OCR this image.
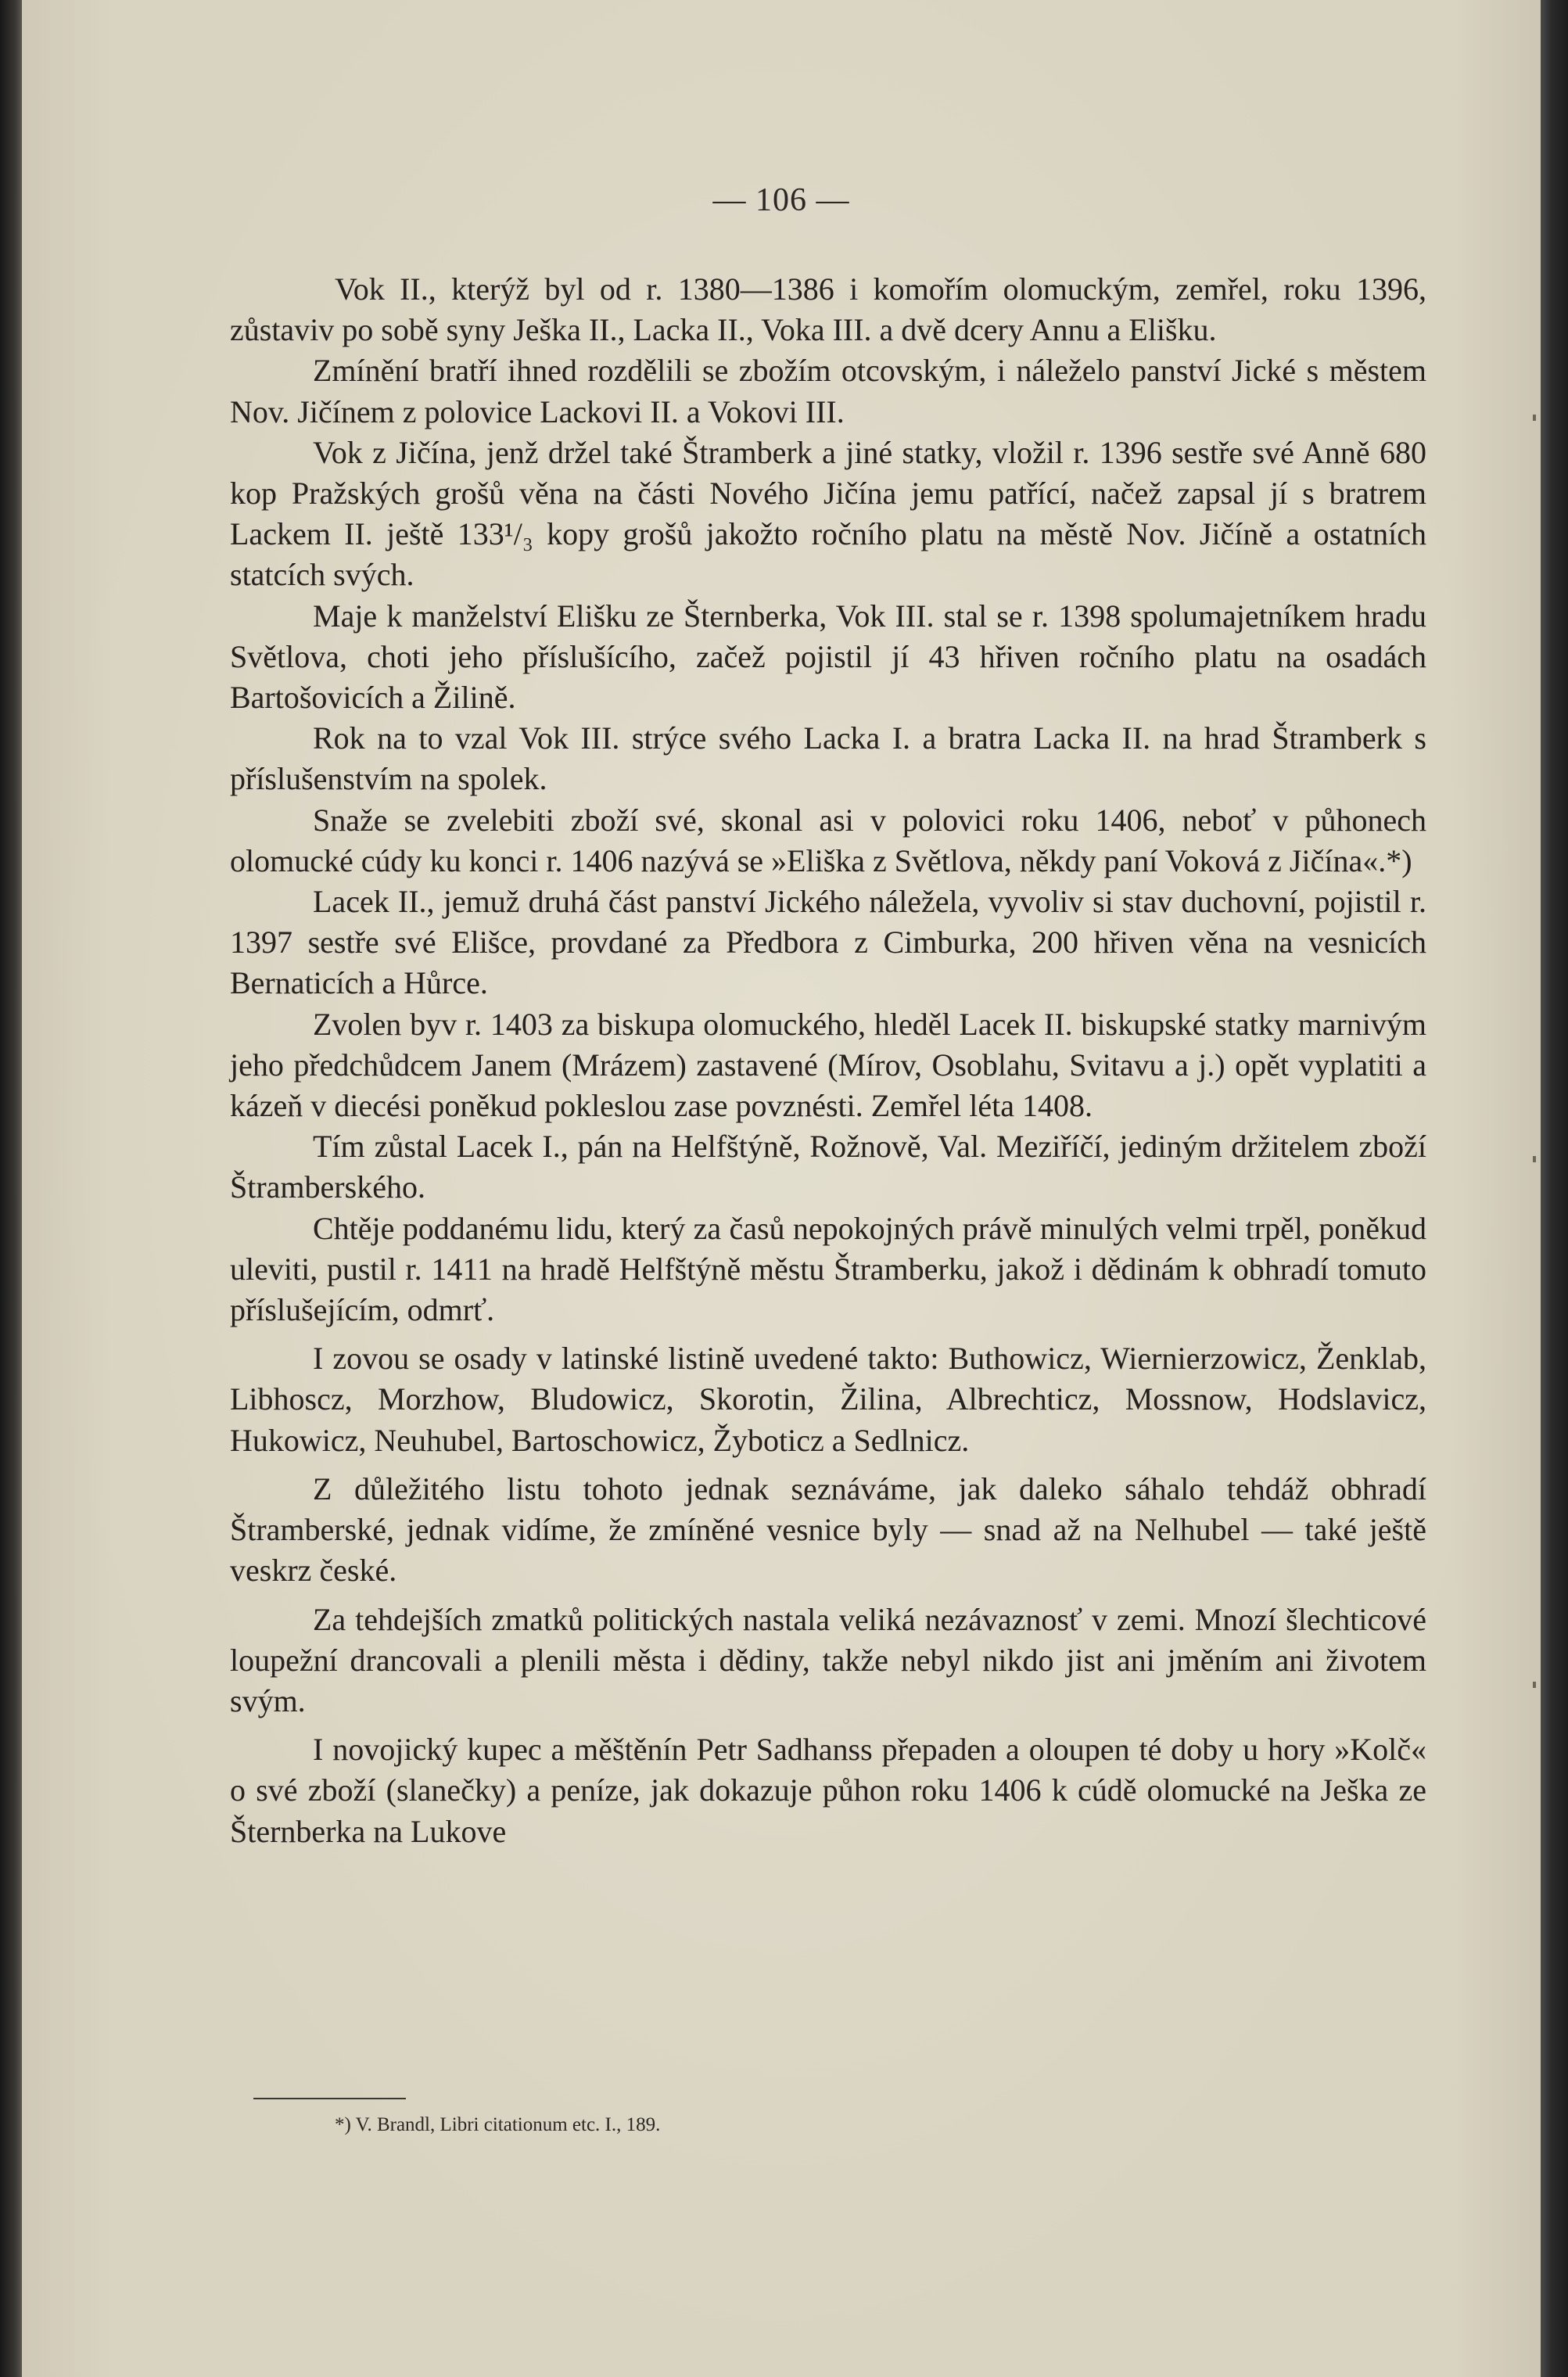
— 106 —

Vok II., kterýž byl od r. 1380—1386 i komořím olomuckým, zemřel, roku 1396, zůstaviv po sobě syny Ješka II., Lacka II., Voka III. a dvě dcery Annu a Elišku.

Zmínění bratří ihned rozdělili se zbožím otcovským, i náleželo panství Jické s městem Nov. Jičínem z polovice Lackovi II. a Vokovi III.

Vok z Jičína, jenž držel také Štramberk a jiné statky, vložil r. 1396 sestře své Anně 680 kop Pražských grošů věna na části Nového Jičína jemu patřící, načež zapsal jí s bratrem Lackem II. ještě 133¹/₃ kopy grošů jakožto ročního platu na městě Nov. Jičíně a ostatních statcích svých.

Maje k manželství Elišku ze Šternberka, Vok III. stal se r. 1398 spolumajetníkem hradu Světlova, choti jeho příslušícího, začež pojistil jí 43 hřiven ročního platu na osadách Bartošovicích a Žilině.

Rok na to vzal Vok III. strýce svého Lacka I. a bratra Lacka II. na hrad Štramberk s příslušenstvím na spolek.

Snaže se zvelebiti zboží své, skonal asi v polovici roku 1406, neboť v půhonech olomucké cúdy ku konci r. 1406 nazývá se »Eliška z Světlova, někdy paní Voková z Jičína«.*)

Lacek II., jemuž druhá část panství Jického náležela, vyvoliv si stav duchovní, pojistil r. 1397 sestře své Elišce, provdané za Předbora z Cimburka, 200 hřiven věna na vesnicích Bernaticích a Hůrce.

Zvolen byv r. 1403 za biskupa olomuckého, hleděl Lacek II. biskupské statky marnivým jeho předchůdcem Janem (Mrázem) zastavené (Mírov, Osoblahu, Svitavu a j.) opět vyplatiti a kázeň v diecési poněkud pokleslou zase povznésti. Zemřel léta 1408.

Tím zůstal Lacek I., pán na Helfštýně, Rožnově, Val. Meziříčí, jediným držitelem zboží Štramberského.

Chtěje poddanému lidu, který za časů nepokojných právě minulých velmi trpěl, poněkud uleviti, pustil r. 1411 na hradě Helfštýně městu Štramberku, jakož i dědinám k obhradí tomuto příslušejícím, odmrť.

I zovou se osady v latinské listině uvedené takto: Buthowicz, Wiernierzowicz, Ženklab, Libhoscz, Morzhow, Bludowicz, Skorotin, Žilina, Albrechticz, Mossnow, Hodslavicz, Hukowicz, Neuhubel, Bartoschowicz, Žyboticz a Sedlnicz.

Z důležitého listu tohoto jednak seznáváme, jak daleko sáhalo tehdáž obhradí Štramberské, jednak vidíme, že zmíněné vesnice byly — snad až na Nelhubel — také ještě veskrz české.

Za tehdejších zmatků politických nastala veliká nezávaznosť v zemi. Mnozí šlechticové loupežní drancovali a plenili města i dědiny, takže nebyl nikdo jist ani jměním ani životem svým.

I novojický kupec a měštěnín Petr Sadhanss přepaden a oloupen té doby u hory »Kolč« o své zboží (slanečky) a peníze, jak dokazuje půhon roku 1406 k cúdě olomucké na Ješka ze Šternberka na Lukove

*) V. Brandl, Libri citationum etc. I., 189.
